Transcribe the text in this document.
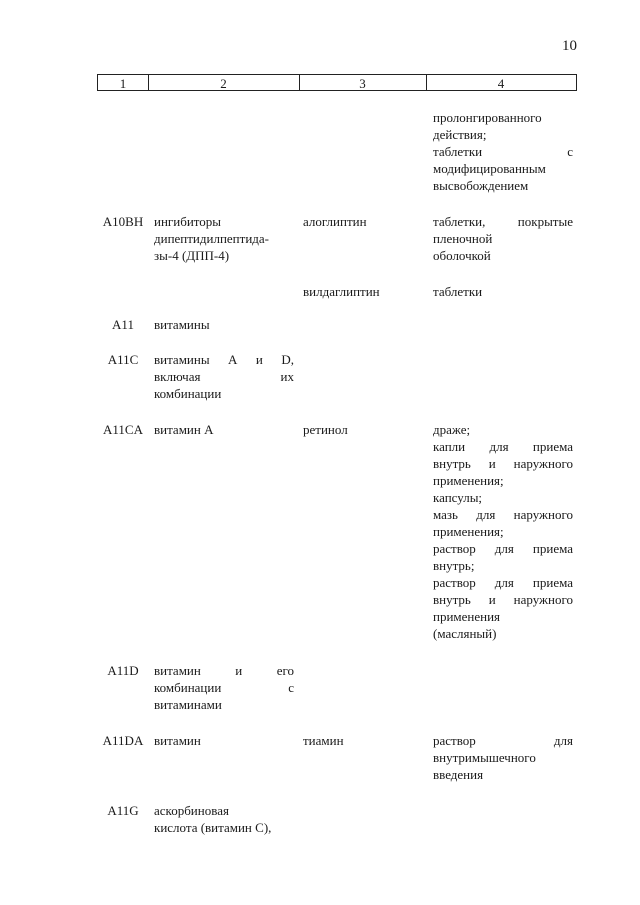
10
1	2	3	4
пролонгированного
действия;
таблетки с
модифицированным
высвобождением
A10BH ингибиторы
дипептидилпептида-
зы-4 (ДПП-4)
алоглиптин	таблетки, покрытые
пленочной
оболочкой
вилдаглиптин	таблетки
A11	витамины
A11C	витамины А и D,
включая их
комбинации
A11CA витамин А	ретинол	драже;
капли для приема
внутрь и наружного
применения;
капсулы;
мазь для наружного
применения;
раствор для приема
внутрь;
раствор для приема
внутрь и наружного
применения
(масляный)
A11D	витамин и его
комбинации с
витаминами
A11DA витамин	тиамин	раствор для
внутримышечного
введения
A11G	аскорбиновая
кислота (витамин С),
